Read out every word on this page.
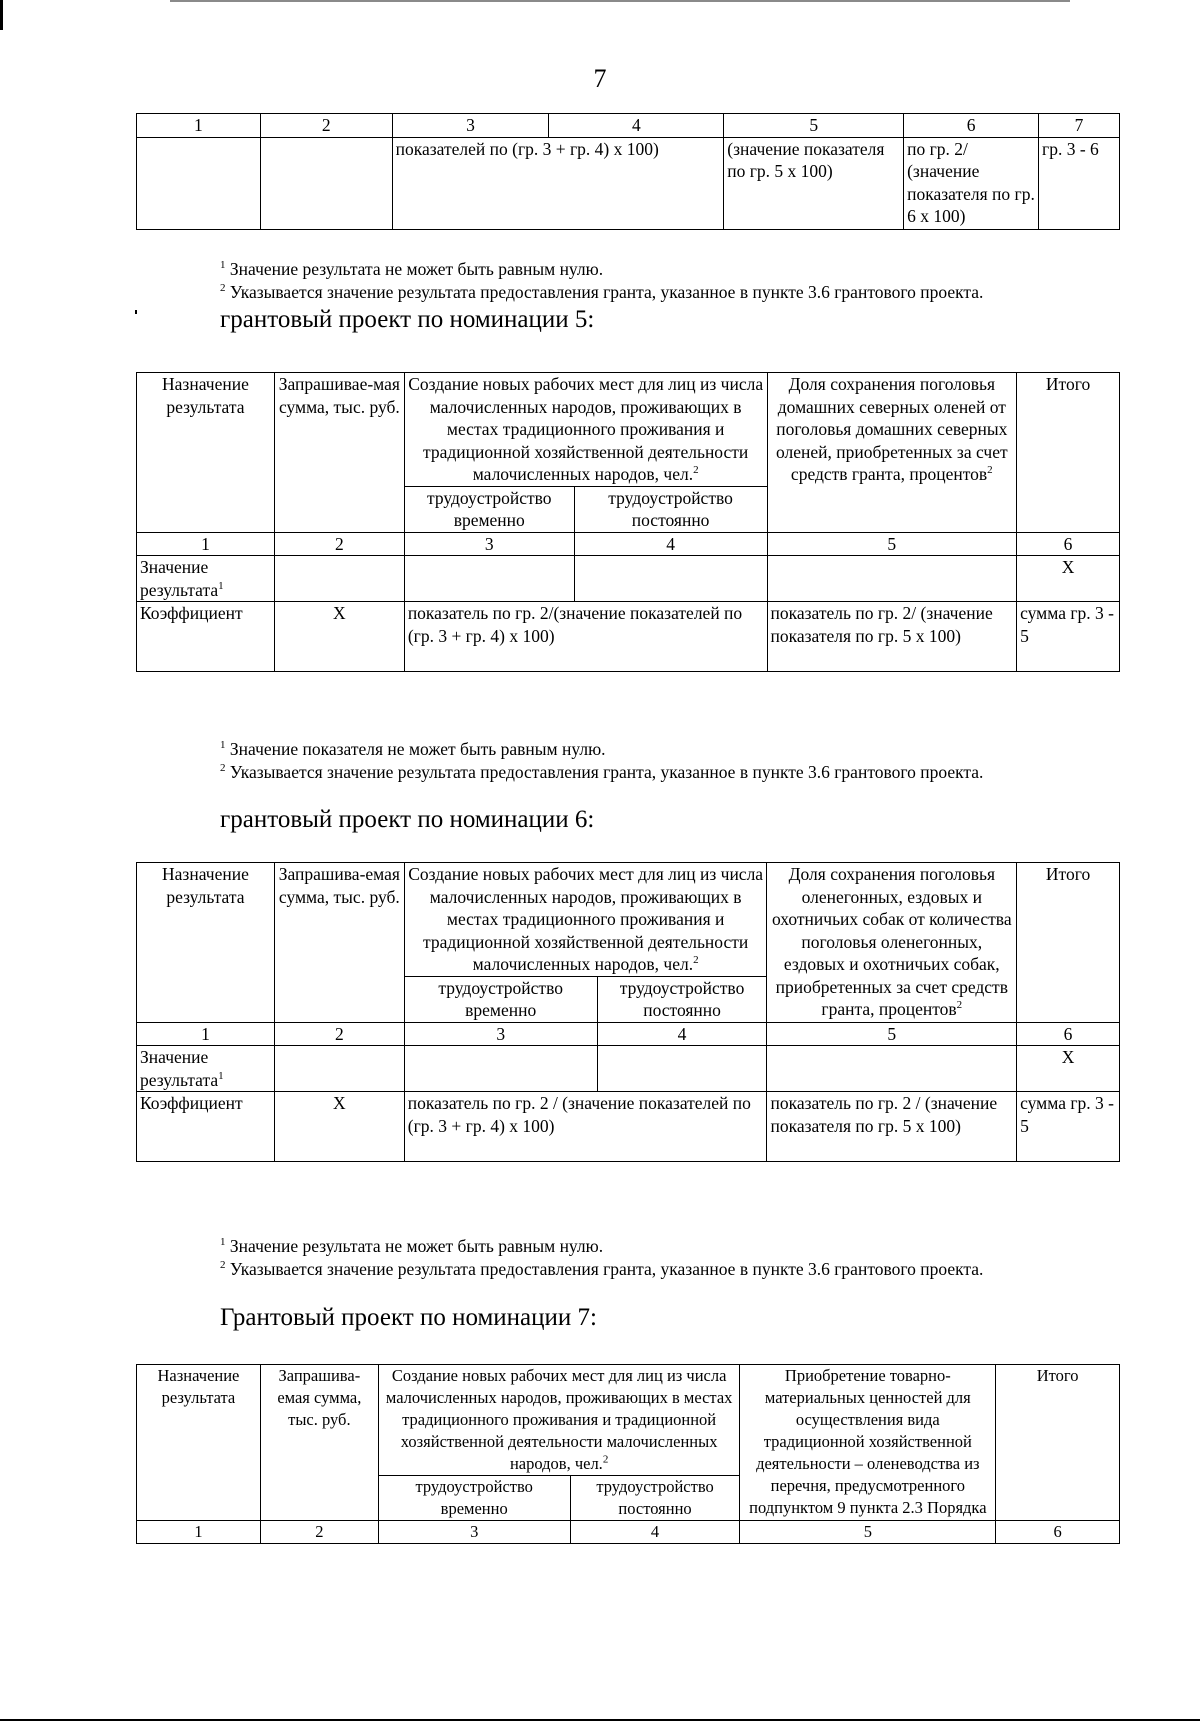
7
1	2	3	4	5	6	7
		показателей по (гр. 3 + гр. 4) х 100)		(значение показателя по гр. 5 х 100)	по гр. 2/ (значение показателя по гр. 6 х 100)	гр. 3 - 6
$^1$ Значение результата не может быть равным нулю.
$^2$ Указывается значение результата предоставления гранта, указанное в пункте 3.6 грантового проекта.
грантовый проект по номинации 5:
Назначение результата	Запрашивае-мая сумма, тыс. руб.	Создание новых рабочих мест для лиц из числа малочисленных народов, проживающих в местах традиционного проживания и традиционной хозяйственной деятельности малочисленных народов, чел.$^2$		Доля сохранения поголовья домашних северных оленей от поголовья домашних северных оленей, приобретенных за счет средств гранта, процентов$^2$	Итого
		трудоустройство временно	трудоустройство постоянно		
1	2	3	4	5	6
Значение результата$^1$					Х
Коэффициент	Х	показатель по гр. 2/(значение показателей по (гр. 3 + гр. 4) х 100)		показатель по гр. 2/ (значение показателя по гр. 5 х 100)	сумма гр. 3 - 5
$^1$ Значение показателя не может быть равным нулю.
$^2$ Указывается значение результата предоставления гранта, указанное в пункте 3.6 грантового проекта.
грантовый проект по номинации 6:
Назначение результата	Запрашива-емая сумма, тыс. руб.	Создание новых рабочих мест для лиц из числа малочисленных народов, проживающих в местах традиционного проживания и традиционной хозяйственной деятельности малочисленных народов, чел.$^2$		Доля сохранения поголовья оленегонных, ездовых и охотничьих собак от количества поголовья оленегонных, ездовых и охотничьих собак, приобретенных за счет средств гранта, процентов$^2$	Итого
		трудоустройство временно	трудоустройство постоянно		
1	2	3	4	5	6
Значение результата$^1$					Х
Коэффициент	Х	показатель по гр. 2 / (значение показателей по (гр. 3 + гр. 4) х 100)		показатель по гр. 2 / (значение показателя по гр. 5 х 100)	сумма гр. 3 - 5
$^1$ Значение результата не может быть равным нулю.
$^2$ Указывается значение результата предоставления гранта, указанное в пункте 3.6 грантового проекта.
Грантовый проект по номинации 7:
Назначение результата	Запрашива-емая сумма, тыс. руб.	Создание новых рабочих мест для лиц из числа малочисленных народов, проживающих в местах традиционного проживания и традиционной хозяйственной деятельности малочисленных народов, чел.$^2$		Приобретение товарно-материальных ценностей для осуществления вида традиционной хозяйственной деятельности – оленеводства из перечня, предусмотренного подпунктом 9 пункта 2.3 Порядка	Итого
		трудоустройство временно	трудоустройство постоянно		
1	2	3	4	5	6
